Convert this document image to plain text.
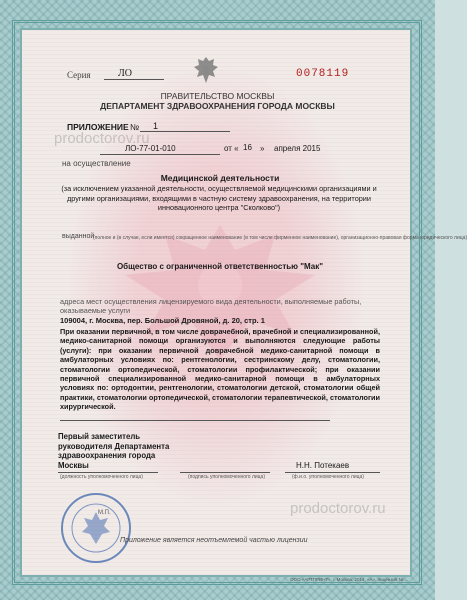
Серия	ЛО	0078119
ПРАВИТЕЛЬСТВО МОСКВЫ
ДЕПАРТАМЕНТ ЗДРАВООХРАНЕНИЯ ГОРОДА МОСКВЫ
ПРИЛОЖЕНИЕ № 1
ЛО-77-01-010	от « 16 » апреля 2015
на осуществление
Медицинской деятельности
(за исключением указанной деятельности, осуществляемой медицинскими организациями и другими организациями, входящими в частную систему здравоохранения, на территории инновационного центра "Сколково")
выданной
(полное и (в случае, если имеется) сокращенное наименование (в том числе фирменное наименование), организационно-правовая форма юридического лица)
Общество с ограниченной ответственностью "Мак"
адреса мест осуществления лицензируемого вида деятельности, выполняемые работы, оказываемые услуги
109004, г. Москва, пер. Большой Дровяной, д. 20, стр. 1
При оказании первичной, в том числе доврачебной, врачебной и специализированной, медико-санитарной помощи организуются и выполняются следующие работы (услуги): при оказании первичной доврачебной медико-санитарной помощи в амбулаторных условиях по: рентгенологии, сестринскому делу, стоматологии, стоматологии ортопедической, стоматологии профилактической; при оказании первичной специализированной медико-санитарной помощи в амбулаторных условиях по: ортодонтии, рентгенологии, стоматологии детской, стоматологии общей практики, стоматологии ортопедической, стоматологии терапевтической, стоматологии хирургической.
Первый заместитель
руководителя Департамента
здравоохранения города
Москвы
(должность уполномоченного лица)	(подпись уполномоченного лица)
Н.Н. Потекаев
(ф.и.о. уполномоченного лица)
М.П.
Приложение является неотъемлемой частью лицензии
ООО «АРТПРИНТ», г. Москва, 2014, «А», лицензия № ...
prodoctorov.ru
prodoctorov.ru
